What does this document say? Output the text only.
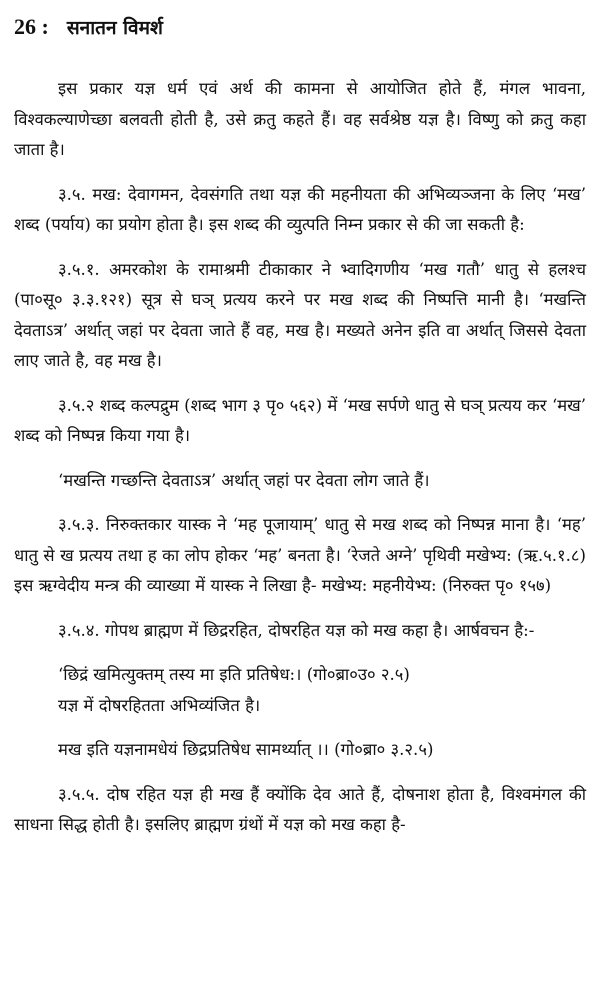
26 : सनातन विमर्श

इस प्रकार यज्ञ धर्म एवं अर्थ की कामना से आयोजित होते हैं, मंगल भावना, विश्वकल्याणेच्छा बलवती होती है, उसे क्रतु कहते हैं। वह सर्वश्रेष्ठ यज्ञ है। विष्णु को क्रतु कहा जाता है।

३.५. मख: देवागमन, देवसंगति तथा यज्ञ की महनीयता की अभिव्यञ्जना के लिए ‘मख’ शब्द (पर्याय) का प्रयोग होता है। इस शब्द की व्युत्पति निम्न प्रकार से की जा सकती है:

३.५.१. अमरकोश के रामाश्रमी टीकाकार ने भ्वादिगणीय ‘मख गतौ’ धातु से हलश्च (पा०सू० ३.३.१२१) सूत्र से घञ् प्रत्यय करने पर मख शब्द की निष्पत्ति मानी है। ‘मखन्ति देवताऽत्र’ अर्थात् जहां पर देवता जाते हैं वह, मख है। मख्यते अनेन इति वा अर्थात् जिससे देवता लाए जाते है, वह मख है।

३.५.२ शब्द कल्पद्रुम (शब्द भाग ३ पृ० ५६२) में ‘मख सर्पणे धातु से घञ् प्रत्यय कर ‘मख’ शब्द को निष्पन्न किया गया है।

‘मखन्ति गच्छन्ति देवताऽत्र’ अर्थात् जहां पर देवता लोग जाते हैं।

३.५.३. निरुक्तकार यास्क ने ‘मह पूजायाम्’ धातु से मख शब्द को निष्पन्न माना है। ‘मह’ धातु से ख प्रत्यय तथा ह का लोप होकर ‘मह’ बनता है। ‘रेजते अग्ने’ पृथिवी मखेभ्य: (ऋ.५.१.८) इस ऋग्वेदीय मन्त्र की व्याख्या में यास्क ने लिखा है- मखेभ्य: महनीयेभ्य: (निरुक्त पृ० १५७)

३.५.४. गोपथ ब्राह्मण में छिद्ररहित, दोषरहित यज्ञ को मख कहा है। आर्षवचन है:-

‘छिद्रं खमित्युक्तम् तस्य मा इति प्रतिषेध:। (गो०ब्रा०उ० २.५)
यज्ञ में दोषरहितता अभिव्यंजित है।
मख इति यज्ञनामधेयं छिद्रप्रतिषेध सामर्थ्यात् ।। (गो०ब्रा० ३.२.५)

३.५.५. दोष रहित यज्ञ ही मख हैं क्योंकि देव आते हैं, दोषनाश होता है, विश्वमंगल की साधना सिद्ध होती है। इसलिए ब्राह्मण ग्रंथों में यज्ञ को मख कहा है-
